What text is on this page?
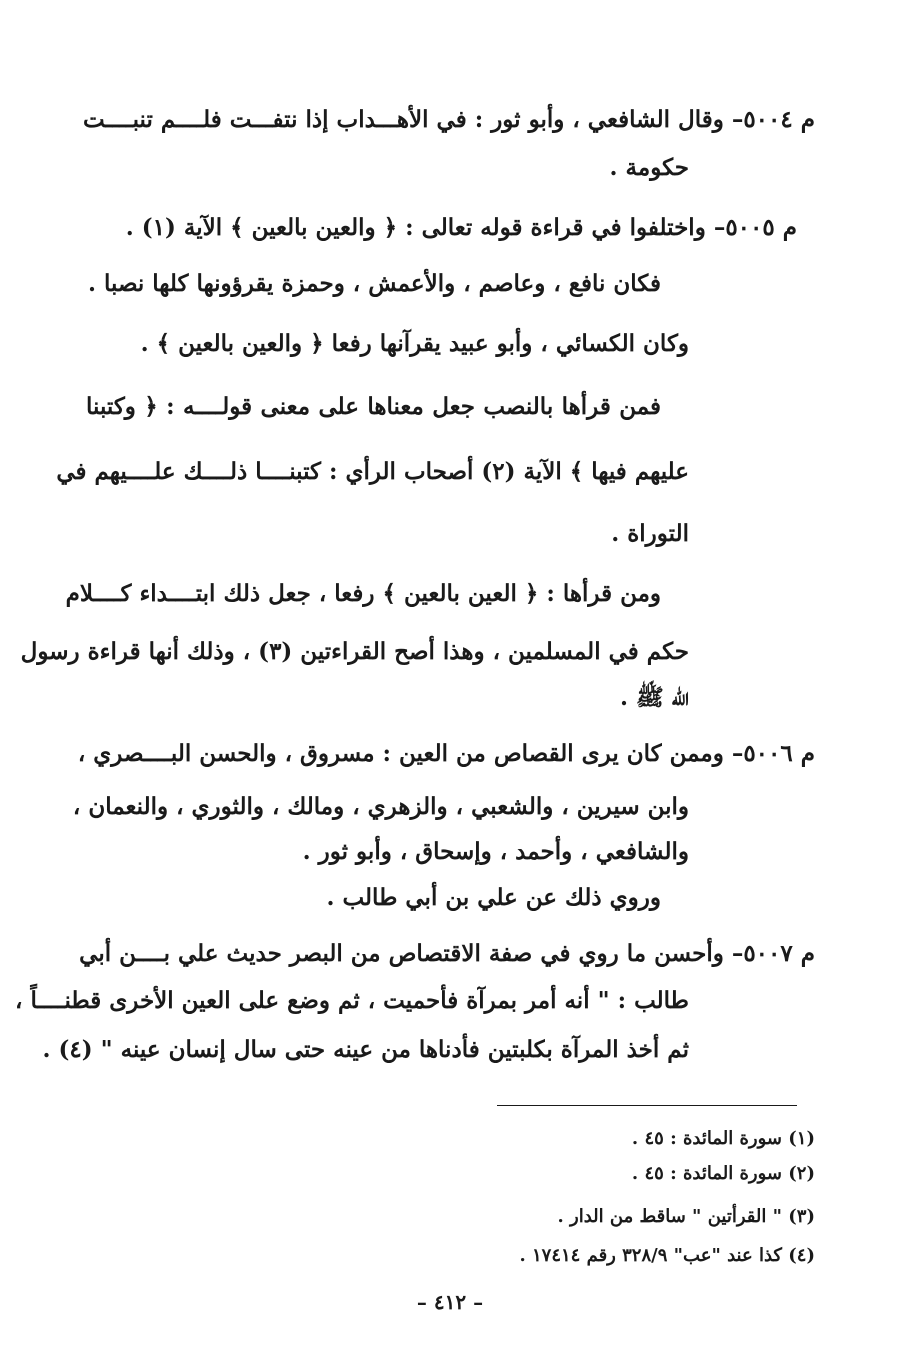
م ٥٠٠٤– وقال الشافعي ، وأبو ثور : في الأهـــداب إذا نتفـــت فلــــم تنبــــت
حكومة .
م ٥٠٠٥– واختلفوا في قراءة قوله تعالى : ﴿ والعين بالعين ﴾ الآية (١) .
فكان نافع ، وعاصم ، والأعمش ، وحمزة يقرؤونها كلها نصبا .
وكان الكسائي ، وأبو عبيد يقرآنها رفعا ﴿ والعين بالعين ﴾ .
فمن قرأها بالنصب جعل معناها على معنى قولــــه : ﴿ وكتبنا
عليهم فيها ﴾ الآية (٢) أصحاب الرأي : كتبنــــا ذلــــك علــــيهم في
التوراة .
ومن قرأها : ﴿ العين بالعين ﴾ رفعا ، جعل ذلك ابتــــداء كــــلام
حكم في المسلمين ، وهذا أصح القراءتين (٣) ، وذلك أنها قراءة رسول
الله ﷺ .
م ٥٠٠٦– وممن كان يرى القصاص من العين : مسروق ، والحسن البــــصري ،
وابن سيرين ، والشعبي ، والزهري ، ومالك ، والثوري ، والنعمان ،
والشافعي ، وأحمد ، وإسحاق ، وأبو ثور .
وروي ذلك عن علي بن أبي طالب .
م ٥٠٠٧– وأحسن ما روي في صفة الاقتصاص من البصر حديث علي بــــن أبي
طالب : " أنه أمر بمرآة فأحميت ، ثم وضع على العين الأخرى قطنــــاً ،
ثم أخذ المرآة بكلبتين فأدناها من عينه حتى سال إنسان عينه " (٤) .
(١) سورة المائدة : ٤٥ .
(٢) سورة المائدة : ٤٥ .
(٣) " القرأتين " ساقط من الدار .
(٤) كذا عند "عب" ٣٢٨/٩ رقم ١٧٤١٤ .
– ٤١٢ –
